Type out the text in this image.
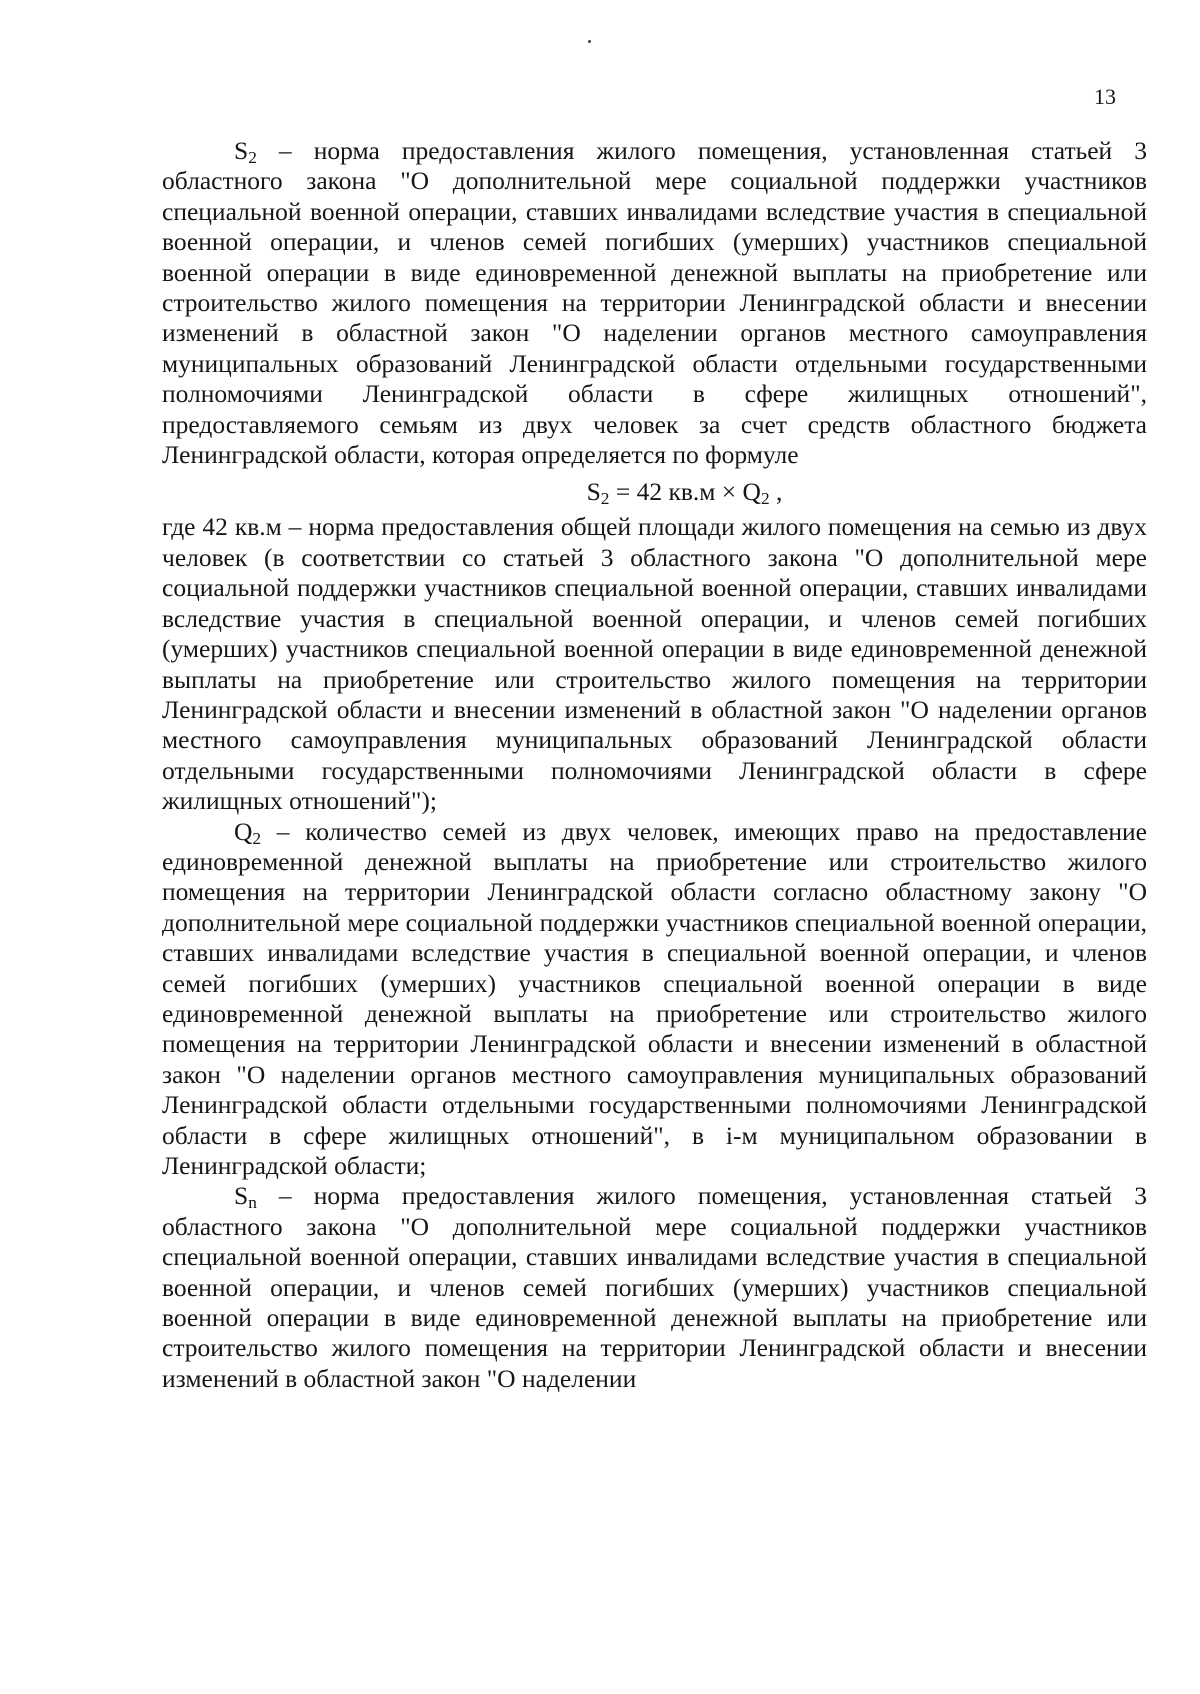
13

$S_2$ – норма предоставления жилого помещения, установленная статьей 3 областного закона "О дополнительной мере социальной поддержки участников специальной военной операции, ставших инвалидами вследствие участия в специальной военной операции, и членов семей погибших (умерших) участников специальной военной операции в виде единовременной денежной выплаты на приобретение или строительство жилого помещения на территории Ленинградской области и внесении изменений в областной закон "О наделении органов местного самоуправления муниципальных образований Ленинградской области отдельными государственными полномочиями Ленинградской области в сфере жилищных отношений", предоставляемого семьям из двух человек за счет средств областного бюджета Ленинградской области, которая определяется по формуле

$S_2 = 42$ $кв.м \times Q_2$ ,

где 42 кв.м – норма предоставления общей площади жилого помещения на семью из двух человек (в соответствии со статьей 3 областного закона "О дополнительной мере социальной поддержки участников специальной военной операции, ставших инвалидами вследствие участия в специальной военной операции, и членов семей погибших (умерших) участников специальной военной операции в виде единовременной денежной выплаты на приобретение или строительство жилого помещения на территории Ленинградской области и внесении изменений в областной закон "О наделении органов местного самоуправления муниципальных образований Ленинградской области отдельными государственными полномочиями Ленинградской области в сфере жилищных отношений");

$Q_2$ – количество семей из двух человек, имеющих право на предоставление единовременной денежной выплаты на приобретение или строительство жилого помещения на территории Ленинградской области согласно областному закону "О дополнительной мере социальной поддержки участников специальной военной операции, ставших инвалидами вследствие участия в специальной военной операции, и членов семей погибших (умерших) участников специальной военной операции в виде единовременной денежной выплаты на приобретение или строительство жилого помещения на территории Ленинградской области и внесении изменений в областной закон "О наделении органов местного самоуправления муниципальных образований Ленинградской области отдельными государственными полномочиями Ленинградской области в сфере жилищных отношений", в i-м муниципальном образовании в Ленинградской области;

$S_n$ – норма предоставления жилого помещения, установленная статьей 3 областного закона "О дополнительной мере социальной поддержки участников специальной военной операции, ставших инвалидами вследствие участия в специальной военной операции, и членов семей погибших (умерших) участников специальной военной операции в виде единовременной денежной выплаты на приобретение или строительство жилого помещения на территории Ленинградской области и внесении изменений в областной закон "О наделении
